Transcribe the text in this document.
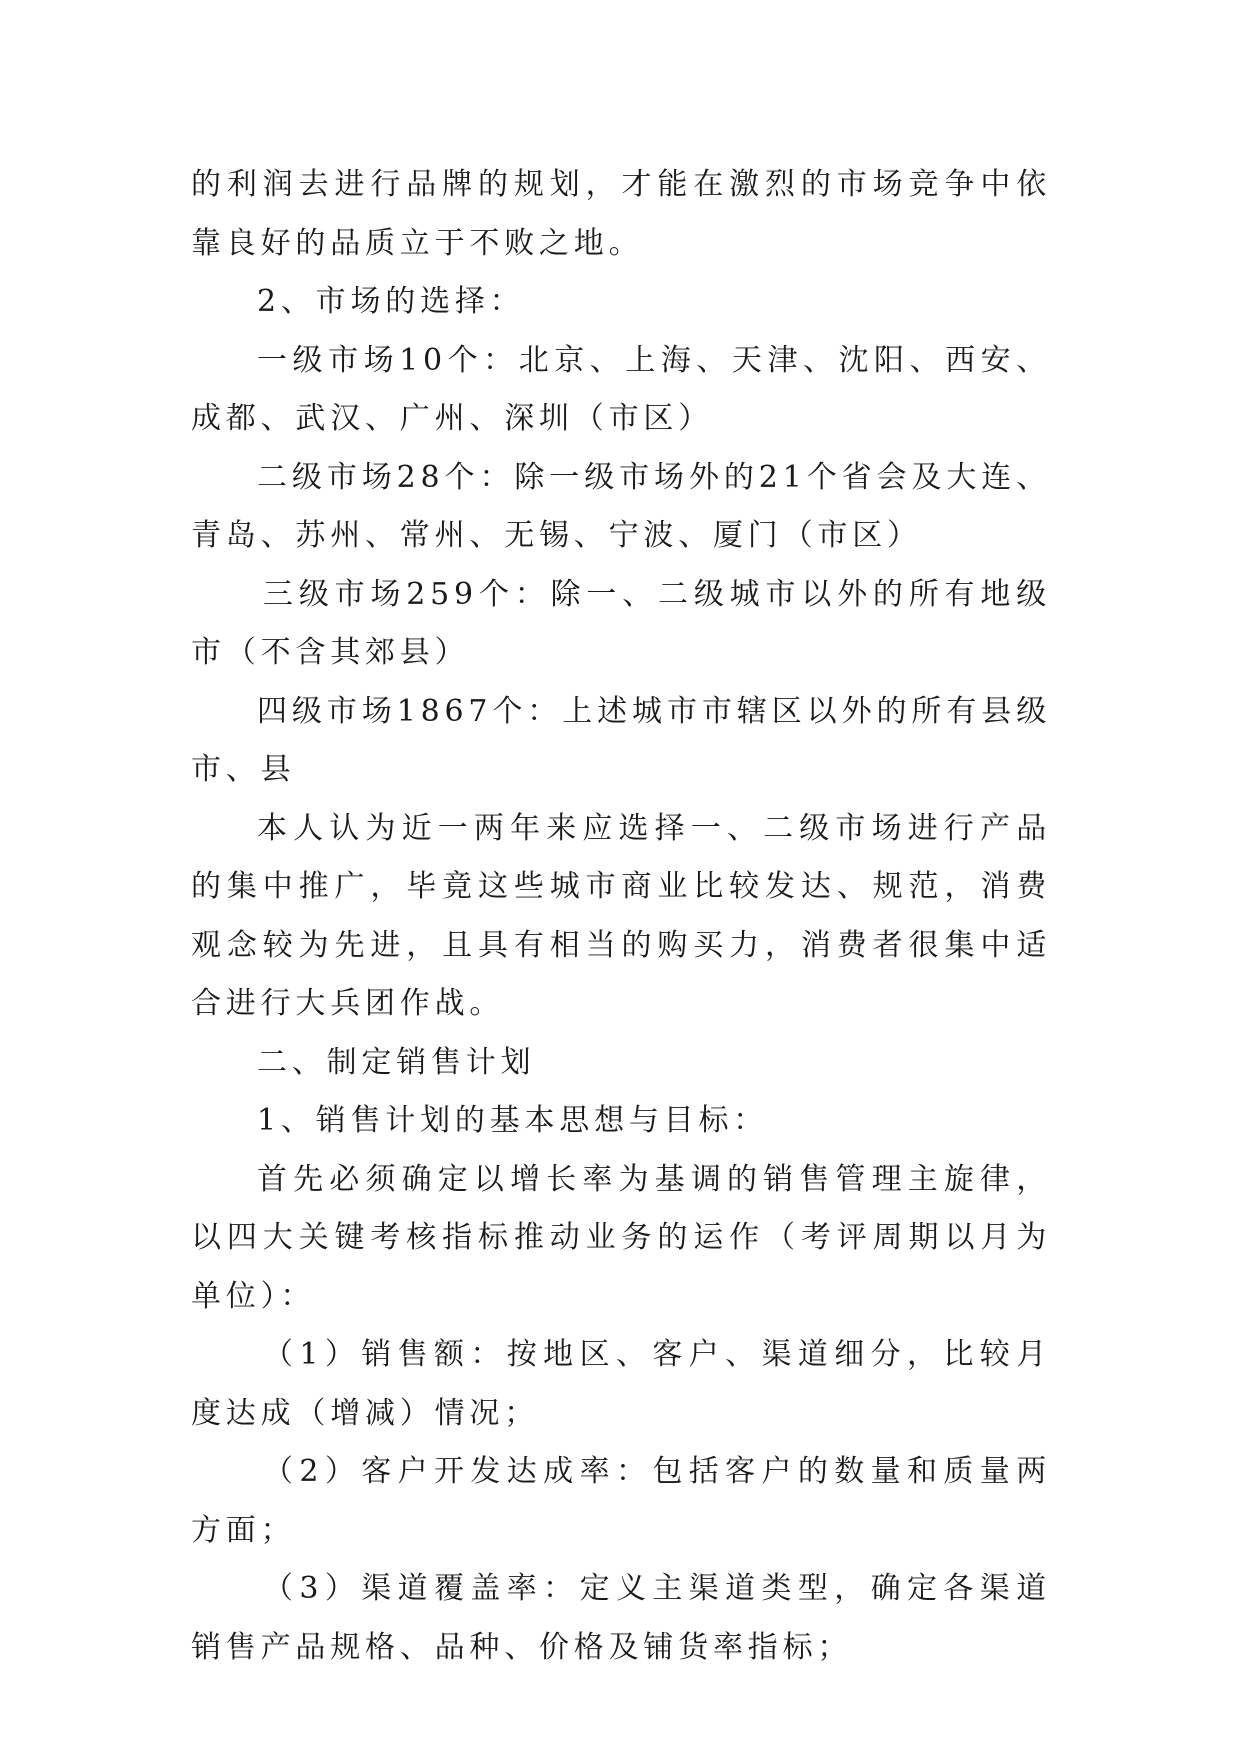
的利润去进行品牌的规划，才能在激烈的市场竞争中依靠良好的品质立于不败之地。

2、市场的选择：

一级市场10个：北京、上海、天津、沈阳、西安、成都、武汉、广州、深圳（市区）

二级市场28个：除一级市场外的21个省会及大连、青岛、苏州、常州、无锡、宁波、厦门（市区）

三级市场259个：除一、二级城市以外的所有地级市（不含其郊县）

四级市场1867个：上述城市市辖区以外的所有县级市、县

本人认为近一两年来应选择一、二级市场进行产品的集中推广，毕竟这些城市商业比较发达、规范，消费观念较为先进，且具有相当的购买力，消费者很集中适合进行大兵团作战。

二、制定销售计划

1、销售计划的基本思想与目标：

首先必须确定以增长率为基调的销售管理主旋律，以四大关键考核指标推动业务的运作（考评周期以月为单位）：

（1）销售额：按地区、客户、渠道细分，比较月度达成（增减）情况；

（2）客户开发达成率：包括客户的数量和质量两方面；

（3）渠道覆盖率：定义主渠道类型，确定各渠道销售产品规格、品种、价格及铺货率指标；
